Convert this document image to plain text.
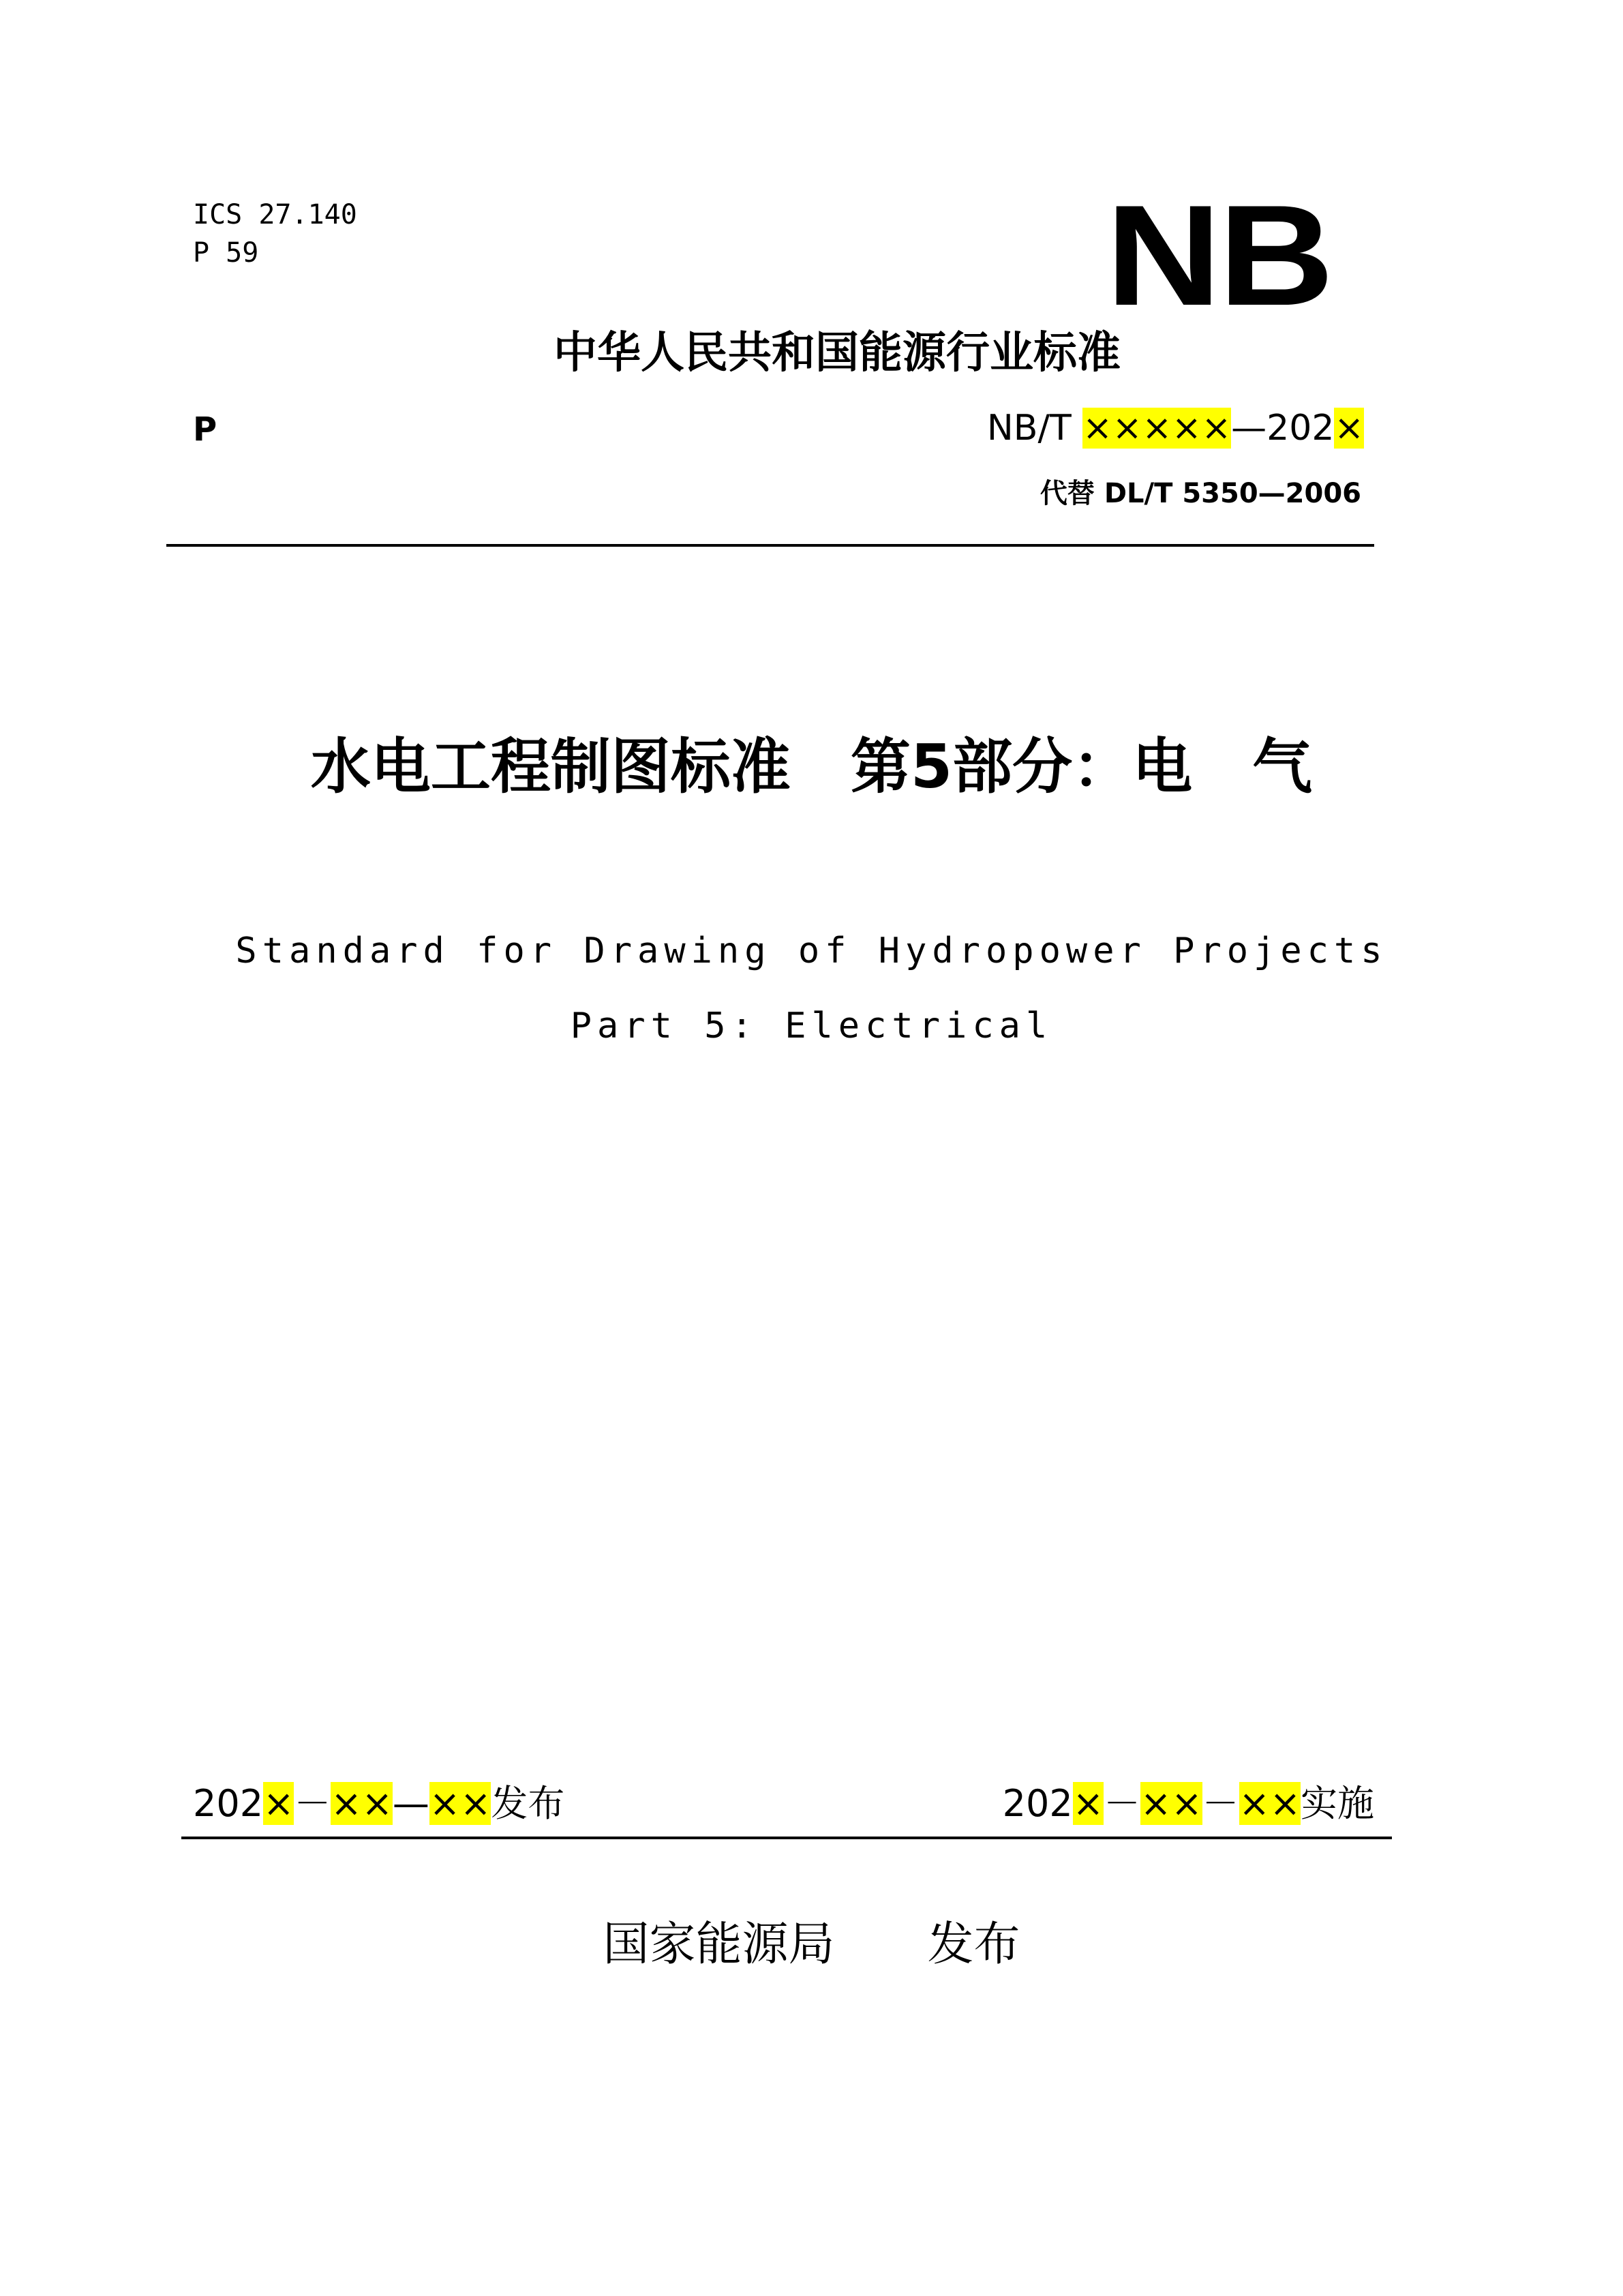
ICS 27.140
P 59	NB
中华人民共和国能源行业标准
P	NB/T ×××××—202×
代替 DL/T 5350—2006
水电工程制图标准　第5部分：电　气
Standard for Drawing of Hydropower Projects
Part 5: Electrical
202×－××—××发布	202×－××－××实施
国家能源局　　发布
